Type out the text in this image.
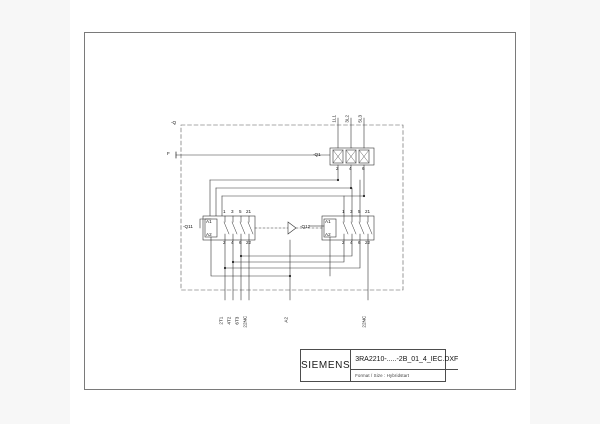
-Q
F
1L1 3L2 5L3
-Q1
2 4 6
-Q11
A1
A2
1 3 5 21
2 4 6 22
-Q12
A1
A2
1 3 5 21
2 4 6 22
2T1 4T2 6T3 22NC	A2	22NC
SIEMENS
3RA2210-.....-2B_01_4_IEC.DXF
Format / Size : Hybridstart
